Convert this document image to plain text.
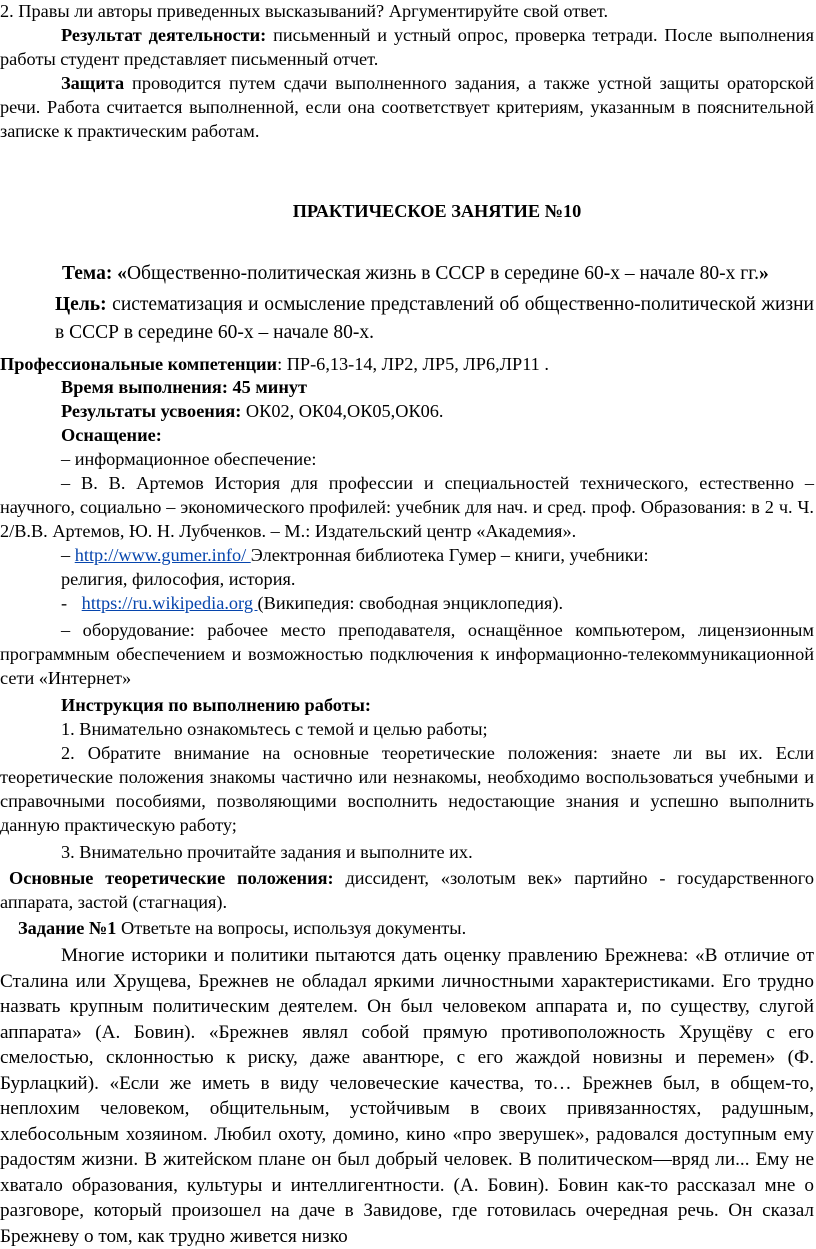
2. Правы ли авторы приведенных высказываний? Аргументируйте свой ответ.

Результат деятельности: письменный и устный опрос, проверка тетради. После выполнения работы студент представляет письменный отчет.

Защита проводится путем сдачи выполненного задания, а также устной защиты ораторской речи. Работа считается выполненной, если она соответствует критериям, указанным в пояснительной записке к практическим работам.

ПРАКТИЧЕСКОЕ ЗАНЯТИЕ №10

Тема: «Общественно-политическая жизнь в СССР в середине 60-х – начале 80-х гг.»

Цель: систематизация и осмысление представлений об общественно-политической жизни в СССР в середине 60-х – начале 80-х.

Профессиональные компетенции: ПР-6,13-14, ЛР2, ЛР5, ЛР6,ЛР11 .

Время выполнения: 45 минут

Результаты усвоения: ОК02, ОК04,ОК05,ОК06.

Оснащение:

– информационное обеспечение:

– В. В. Артемов История для профессии и специальностей технического, естественно – научного, социально – экономического профилей: учебник для нач. и сред. проф. Образования: в 2 ч. Ч. 2/В.В. Артемов, Ю. Н. Лубченков. – М.: Издательский центр «Академия».

– http://www.gumer.info/ Электронная библиотека Гумер – книги, учебники:

религия, философия, история.

- https://ru.wikipedia.org (Википедия: свободная энциклопедия).

– оборудование: рабочее место преподавателя, оснащённое компьютером, лицензионным программным обеспечением и возможностью подключения к информационно-телекоммуникационной сети «Интернет»

Инструкция по выполнению работы:

1. Внимательно ознакомьтесь с темой и целью работы;

2. Обратите внимание на основные теоретические положения: знаете ли вы их. Если теоретические положения знакомы частично или незнакомы, необходимо воспользоваться учебными и справочными пособиями, позволяющими восполнить недостающие знания и успешно выполнить данную практическую работу;

3. Внимательно прочитайте задания и выполните их.

Основные теоретические положения: диссидент, «золотым век» партийно - государственного аппарата, застой (стагнация).

Задание №1 Ответьте на вопросы, используя документы.

Многие историки и политики пытаются дать оценку правлению Брежнева: «В отличие от Сталина или Хрущева, Брежнев не обладал яркими личностными характеристиками. Его трудно назвать крупным политическим деятелем. Он был человеком аппарата и, по существу, слугой аппарата» (А. Бовин). «Брежнев являл собой прямую противоположность Хрущёву с его смелостью, склонностью к риску, даже авантюре, с его жаждой новизны и перемен» (Ф. Бурлацкий). «Если же иметь в виду человеческие качества, то… Брежнев был, в общем-то, неплохим человеком, общительным, устойчивым в своих привязанностях, радушным, хлебосольным хозяином. Любил охоту, домино, кино «про зверушек», радовался доступным ему радостям жизни. В житейском плане он был добрый человек. В политическом—вряд ли... Ему не хватало образования, культуры и интеллигентности. (А. Бовин). Бовин как-то рассказал мне о разговоре, который произошел на даче в Завидове, где готовилась очередная речь. Он сказал Брежневу о том, как трудно живется низко
